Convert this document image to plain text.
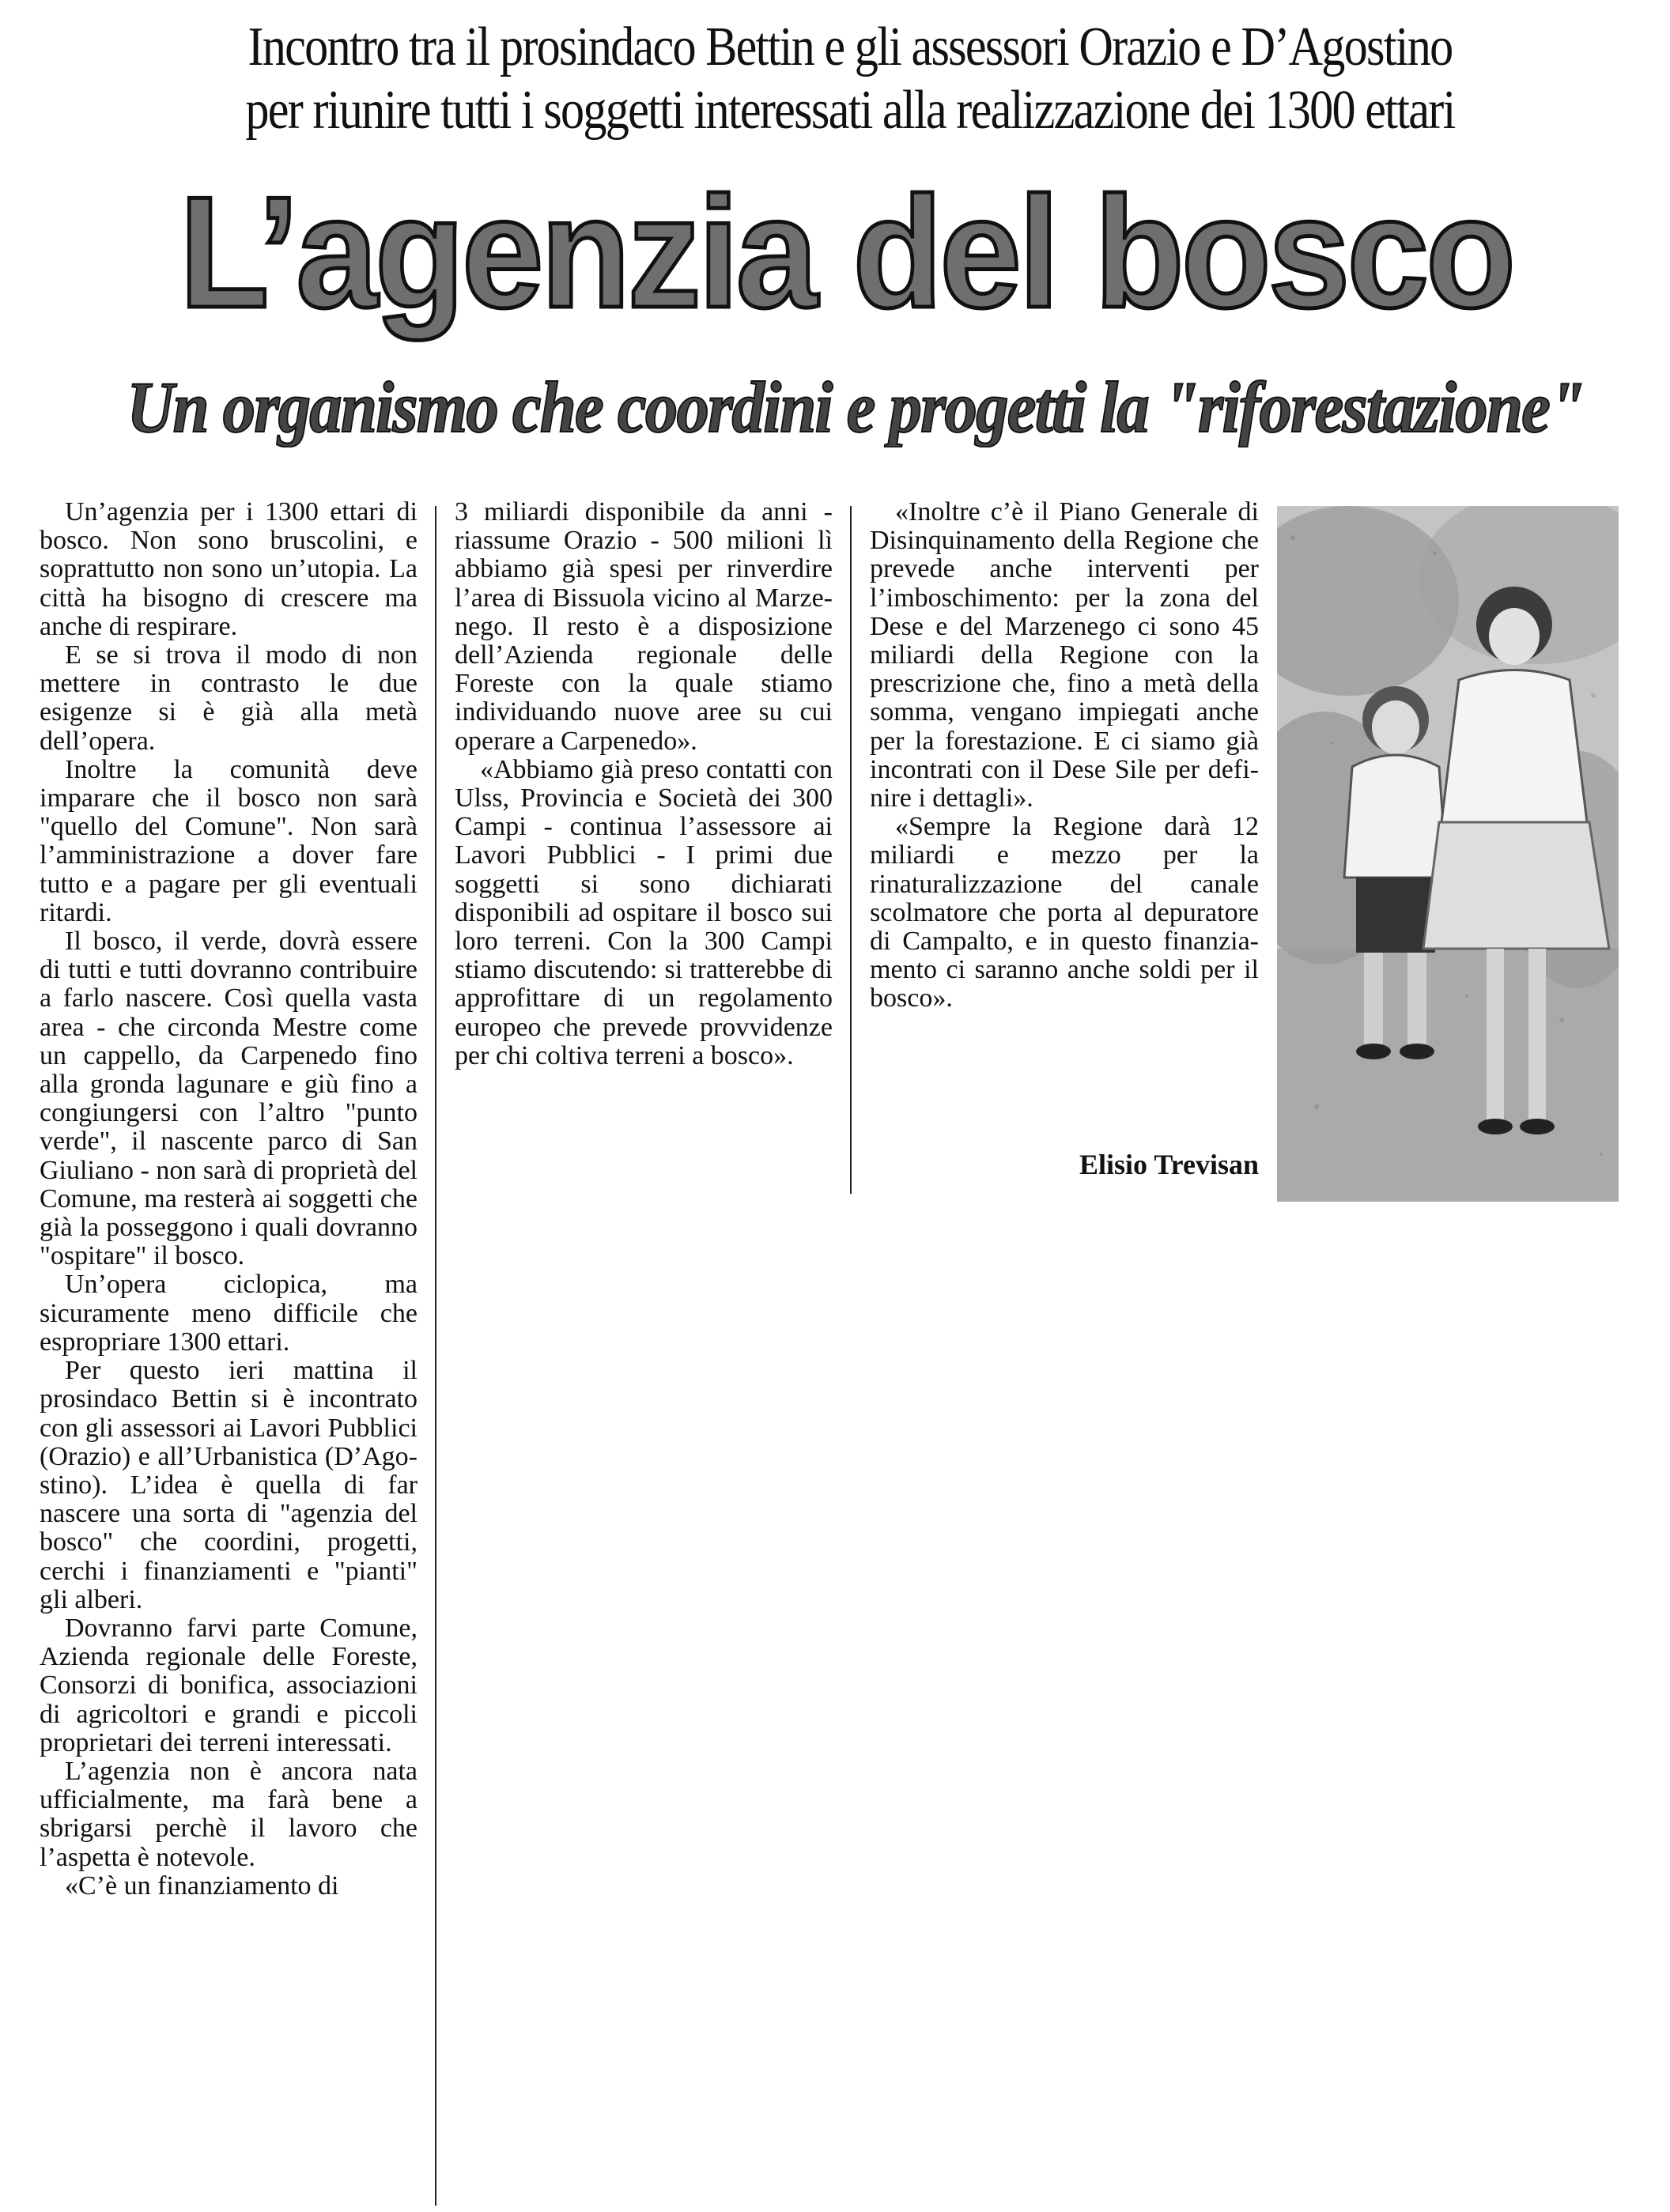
Incontro tra il prosindaco Bettin e gli assessori Orazio e D’Agostino
per riunire tutti i soggetti interessati alla realizzazione dei 1300 ettari
L’agenzia del bosco
Un organismo che coordini e progetti la "riforestazione"

Un’agenzia per i 1300 ettari di bosco. Non sono bruscolini, e soprattutto non sono un’utopia. La città ha bisogno di crescere ma anche di respirare.

E se si trova il modo di non mettere in contrasto le due esigenze si è già alla metà dell’opera.

Inoltre la comunità deve imparare che il bosco non sarà "quello del Comune". Non sarà l’amministrazione a dover fare tutto e a pagare per gli eventuali ritardi.

Il bosco, il verde, dovrà essere di tutti e tutti dovranno contribuire a farlo nascere. Così quella vasta area - che circonda Mestre come un cappello, da Carpenedo fino alla gronda lagunare e giù fino a congiungersi con l’altro "punto verde", il nascente parco di San Giuliano - non sarà di proprietà del Comune, ma resterà ai soggetti che già la posseggono i quali dovranno "ospitare" il bosco.

Un’opera ciclopica, ma sicuramente meno difficile che espropriare 1300 ettari.

Per questo ieri mattina il prosindaco Bettin si è incontrato con gli assessori ai Lavori Pubblici (Orazio) e all’Urbanistica (D’Agostino). L’idea è quella di far nascere una sorta di "agenzia del bosco" che coordini, progetti, cerchi i finanziamenti e "pianti" gli alberi.

Dovranno farvi parte Comune, Azienda regionale delle Foreste, Consorzi di bonifica, associazioni di agricoltori e grandi e piccoli proprietari dei terreni interessati.

L’agenzia non è ancora nata ufficialmente, ma farà bene a sbrigarsi perchè il lavoro che l’aspetta è notevole.

«C’è un finanziamento di

3 miliardi disponibile da anni - riassume Orazio - 500 milioni lì abbiamo già spesi per rinverdire l’area di Bissuola vicino al Marzenego. Il resto è a disposizione dell’Azienda regionale delle Foreste con la quale stiamo individuando nuove aree su cui operare a Carpenedo».

«Abbiamo già preso contatti con Ulss, Provincia e Società dei 300 Campi - continua l’assessore ai Lavori Pubblici - I primi due soggetti si sono dichiarati disponibili ad ospitare il bosco sui loro terreni. Con la 300 Campi stiamo discutendo: si tratterebbe di approfittare di un regolamento europeo che prevede provvidenze per chi coltiva terreni a bosco».

«Inoltre c’è il Piano Generale di Disinquinamento della Regione che prevede anche interventi per l’imboschimento: per la zona del Dese e del Marzenego ci sono 45 miliardi della Regione con la prescrizione che, fino a metà della somma, vengano impiegati anche per la forestazione. E ci siamo già incontrati con il Dese Sile per definire i dettagli».

«Sempre la Regione darà 12 miliardi e mezzo per la rinaturalizzazione del canale scolmatore che porta al depuratore di Campalto, e in questo finanziamento ci saranno anche soldi per il bosco».

Elisio Trevisan
